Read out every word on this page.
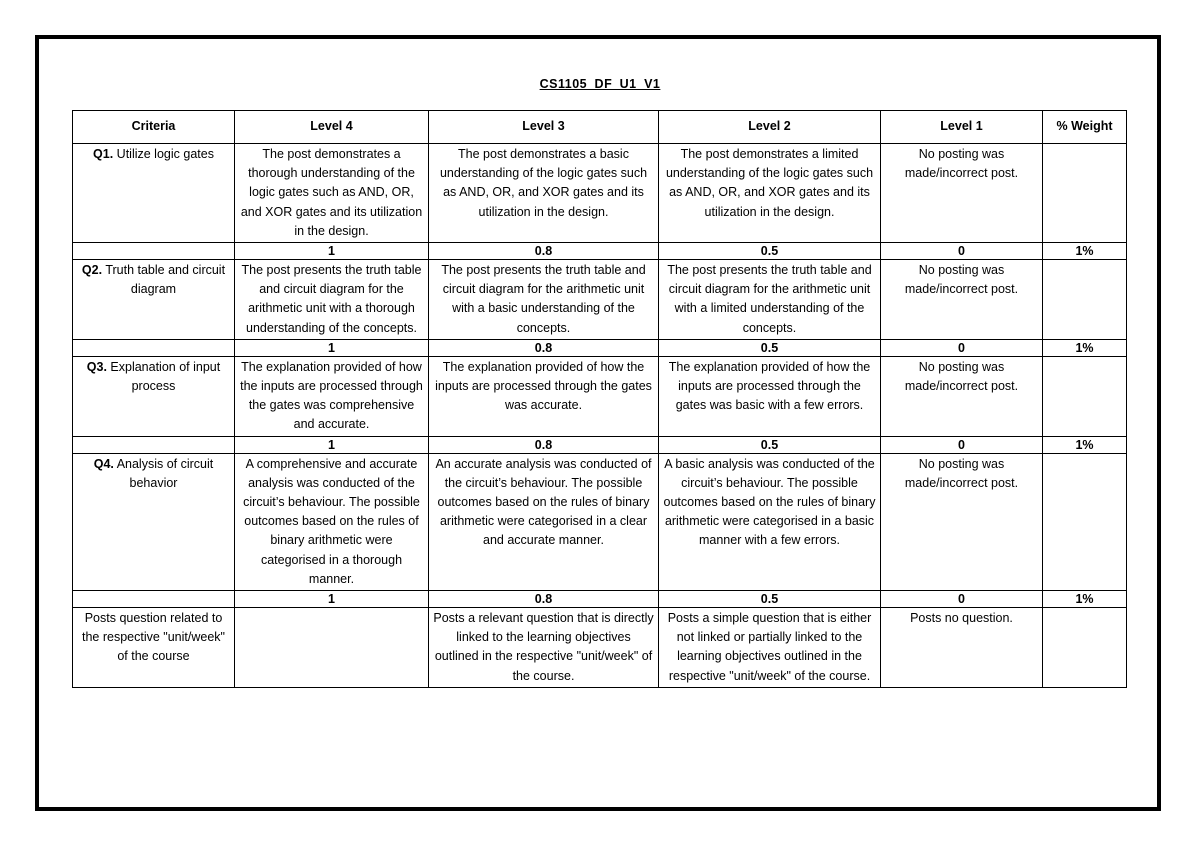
CS1105_DF_U1_V1
Criteria	Level 4	Level 3	Level 2	Level 1	% Weight
Q1. Utilize logic gates	The post demonstrates a thorough understanding of the logic gates such as AND, OR, and XOR gates and its utilization in the design.	The post demonstrates a basic understanding of the logic gates such as AND, OR, and XOR gates and its utilization in the design.	The post demonstrates a limited understanding of the logic gates such as AND, OR, and XOR gates and its utilization in the design.	No posting was made/incorrect post.	
	1	0.8	0.5	0	1%
Q2. Truth table and circuit diagram	The post presents the truth table and circuit diagram for the arithmetic unit with a thorough understanding of the concepts.	The post presents the truth table and circuit diagram for the arithmetic unit with a basic understanding of the concepts.	The post presents the truth table and circuit diagram for the arithmetic unit with a limited understanding of the concepts.	No posting was made/incorrect post.	
	1	0.8	0.5	0	1%
Q3. Explanation of input process	The explanation provided of how the inputs are processed through the gates was comprehensive and accurate.	The explanation provided of how the inputs are processed through the gates was accurate.	The explanation provided of how the inputs are processed through the gates was basic with a few errors.	No posting was made/incorrect post.	
	1	0.8	0.5	0	1%
Q4. Analysis of circuit behavior	A comprehensive and accurate analysis was conducted of the circuit’s behaviour. The possible outcomes based on the rules of binary arithmetic were categorised in a thorough manner.	An accurate analysis was conducted of the circuit’s behaviour. The possible outcomes based on the rules of binary arithmetic were categorised in a clear and accurate manner.	A basic analysis was conducted of the circuit’s behaviour. The possible outcomes based on the rules of binary arithmetic were categorised in a basic manner with a few errors.	No posting was made/incorrect post.	
	1	0.8	0.5	0	1%
Posts question related to the respective "unit/week" of the course		Posts a relevant question that is directly linked to the learning objectives outlined in the respective "unit/week" of the course.	Posts a simple question that is either not linked or partially linked to the learning objectives outlined in the respective "unit/week" of the course.	Posts no question.	
